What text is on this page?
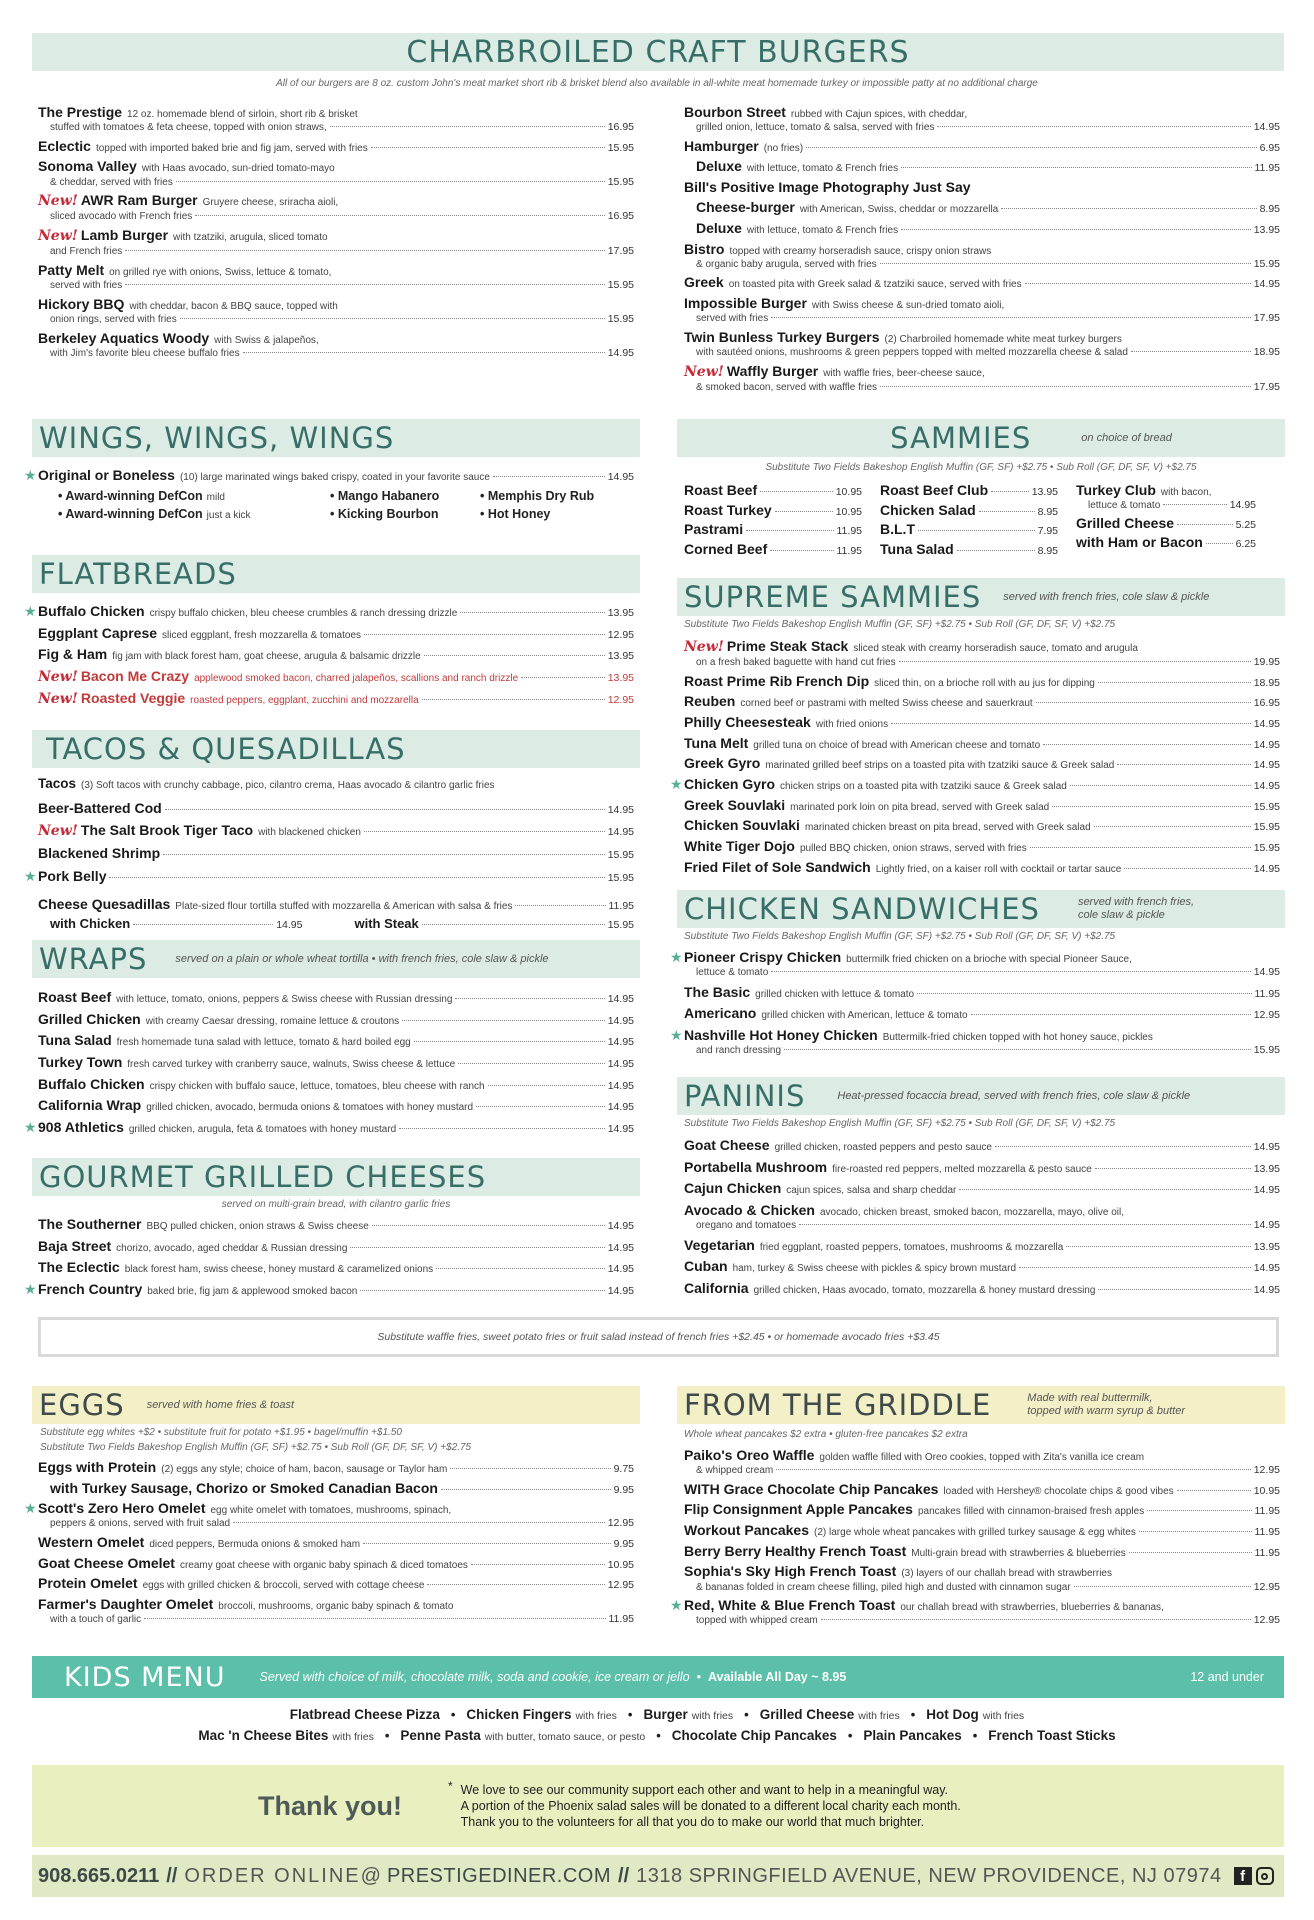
CHARBROILED CRAFT BURGERS
All of our burgers are 8 oz. custom John's meat market short rib & brisket blend also available in all-white meat homemade turkey or impossible patty at no additional charge
The Prestige 12 oz. homemade blend of sirloin, short rib & brisket
stuffed with tomatoes & feta cheese, topped with onion straws,	16.95
Eclectic topped with imported baked brie and fig jam, served with fries	15.95
Sonoma Valley with Haas avocado, sun-dried tomato-mayo
& cheddar, served with fries	15.95
New! AWR Ram Burger Gruyere cheese, sriracha aioli,
sliced avocado with French fries	16.95
New! Lamb Burger with tzatziki, arugula, sliced tomato
and French fries	17.95
Patty Melt on grilled rye with onions, Swiss, lettuce & tomato,
served with fries	15.95
Hickory BBQ with cheddar, bacon & BBQ sauce, topped with
onion rings, served with fries	15.95
Berkeley Aquatics Woody with Swiss & jalapeños,
with Jim's favorite bleu cheese buffalo fries	14.95
Bourbon Street rubbed with Cajun spices, with cheddar,
grilled onion, lettuce, tomato & salsa, served with fries	14.95
Hamburger (no fries)	6.95
Deluxe with lettuce, tomato & French fries	11.95
Bill's Positive Image Photography Just Say
Cheese-burger with American, Swiss, cheddar or mozzarella	8.95
Deluxe with lettuce, tomato & French fries	13.95
Bistro topped with creamy horseradish sauce, crispy onion straws
& organic baby arugula, served with fries	15.95
Greek on toasted pita with Greek salad & tzatziki sauce, served with fries	14.95
Impossible Burger with Swiss cheese & sun-dried tomato aioli,
served with fries	17.95
Twin Bunless Turkey Burgers (2) Charbroiled homemade white meat turkey burgers
with sautéed onions, mushrooms & green peppers topped with melted mozzarella cheese & salad	18.95
New! Waffly Burger with waffle fries, beer-cheese sauce,
& smoked bacon, served with waffle fries	17.95
WINGS, WINGS, WINGS
★ Original or Boneless (10) large marinated wings baked crispy, coated in your favorite sauce	14.95
• Award-winning DefCon mild	• Mango Habanero	• Memphis Dry Rub
• Award-winning DefCon just a kick	• Kicking Bourbon	• Hot Honey
FLATBREADS
★ Buffalo Chicken crispy buffalo chicken, bleu cheese crumbles & ranch dressing drizzle	13.95
Eggplant Caprese sliced eggplant, fresh mozzarella & tomatoes	12.95
Fig & Ham fig jam with black forest ham, goat cheese, arugula & balsamic drizzle	13.95
New! Bacon Me Crazy applewood smoked bacon, charred jalapeños, scallions and ranch drizzle	13.95
New! Roasted Veggie roasted peppers, eggplant, zucchini and mozzarella	12.95
TACOS & QUESADILLAS
Tacos (3) Soft tacos with crunchy cabbage, pico, cilantro crema, Haas avocado & cilantro garlic fries
Beer-Battered Cod	14.95
New! The Salt Brook Tiger Taco with blackened chicken	14.95
Blackened Shrimp	15.95
★ Pork Belly	15.95
Cheese Quesadillas Plate-sized flour tortilla stuffed with mozzarella & American with salsa & fries	11.95
with Chicken	14.95	with Steak	15.95
WRAPS	served on a plain or whole wheat tortilla • with french fries, cole slaw & pickle
Roast Beef with lettuce, tomato, onions, peppers & Swiss cheese with Russian dressing	14.95
Grilled Chicken with creamy Caesar dressing, romaine lettuce & croutons	14.95
Tuna Salad fresh homemade tuna salad with lettuce, tomato & hard boiled egg	14.95
Turkey Town fresh carved turkey with cranberry sauce, walnuts, Swiss cheese & lettuce	14.95
Buffalo Chicken crispy chicken with buffalo sauce, lettuce, tomatoes, bleu cheese with ranch	14.95
California Wrap grilled chicken, avocado, bermuda onions & tomatoes with honey mustard	14.95
★ 908 Athletics grilled chicken, arugula, feta & tomatoes with honey mustard	14.95
GOURMET GRILLED CHEESES
served on multi-grain bread, with cilantro garlic fries
The Southerner BBQ pulled chicken, onion straws & Swiss cheese	14.95
Baja Street chorizo, avocado, aged cheddar & Russian dressing	14.95
The Eclectic black forest ham, swiss cheese, honey mustard & caramelized onions	14.95
★ French Country baked brie, fig jam & applewood smoked bacon	14.95
SAMMIES	on choice of bread
Substitute Two Fields Bakeshop English Muffin (GF, SF) +$2.75 • Sub Roll (GF, DF, SF, V) +$2.75
Roast Beef	10.95
Roast Turkey	10.95
Pastrami	11.95
Corned Beef	11.95
Roast Beef Club	13.95
Chicken Salad	8.95
B.L.T	7.95
Tuna Salad	8.95
Turkey Club with bacon,
lettuce & tomato	14.95
Grilled Cheese	5.25
with Ham or Bacon	6.25
SUPREME SAMMIES served with french fries, cole slaw & pickle
Substitute Two Fields Bakeshop English Muffin (GF, SF) +$2.75 • Sub Roll (GF, DF, SF, V) +$2.75
New! Prime Steak Stack sliced steak with creamy horseradish sauce, tomato and arugula
on a fresh baked baguette with hand cut fries	19.95
Roast Prime Rib French Dip sliced thin, on a brioche roll with au jus for dipping	18.95
Reuben corned beef or pastrami with melted Swiss cheese and sauerkraut	16.95
Philly Cheesesteak with fried onions	14.95
Tuna Melt grilled tuna on choice of bread with American cheese and tomato	14.95
Greek Gyro marinated grilled beef strips on a toasted pita with tzatziki sauce & Greek salad	14.95
★ Chicken Gyro chicken strips on a toasted pita with tzatziki sauce & Greek salad	14.95
Greek Souvlaki marinated pork loin on pita bread, served with Greek salad	15.95
Chicken Souvlaki marinated chicken breast on pita bread, served with Greek salad	15.95
White Tiger Dojo pulled BBQ chicken, onion straws, served with fries	15.95
Fried Filet of Sole Sandwich Lightly fried, on a kaiser roll with cocktail or tartar sauce	14.95
CHICKEN SANDWICHES	served with french fries,
cole slaw & pickle
Substitute Two Fields Bakeshop English Muffin (GF, SF) +$2.75 • Sub Roll (GF, DF, SF, V) +$2.75
★ Pioneer Crispy Chicken buttermilk fried chicken on a brioche with special Pioneer Sauce,
lettuce & tomato	14.95
The Basic grilled chicken with lettuce & tomato	11.95
Americano grilled chicken with American, lettuce & tomato	12.95
★ Nashville Hot Honey Chicken Buttermilk-fried chicken topped with hot honey sauce, pickles
and ranch dressing	15.95
PANINIS	Heat-pressed focaccia bread, served with french fries, cole slaw & pickle
Substitute Two Fields Bakeshop English Muffin (GF, SF) +$2.75 • Sub Roll (GF, DF, SF, V) +$2.75
Goat Cheese grilled chicken, roasted peppers and pesto sauce	14.95
Portabella Mushroom fire-roasted red peppers, melted mozzarella & pesto sauce	13.95
Cajun Chicken cajun spices, salsa and sharp cheddar	14.95
Avocado & Chicken avocado, chicken breast, smoked bacon, mozzarella, mayo, olive oil,
oregano and tomatoes	14.95
Vegetarian fried eggplant, roasted peppers, tomatoes, mushrooms & mozzarella	13.95
Cuban ham, turkey & Swiss cheese with pickles & spicy brown mustard	14.95
California grilled chicken, Haas avocado, tomato, mozzarella & honey mustard dressing	14.95
Substitute waffle fries, sweet potato fries or fruit salad instead of french fries +$2.45 • or homemade avocado fries +$3.45
EGGS served with home fries & toast
Substitute egg whites +$2 • substitute fruit for potato +$1.95 • bagel/muffin +$1.50
Substitute Two Fields Bakeshop English Muffin (GF, SF) +$2.75 • Sub Roll (GF, DF, SF, V) +$2.75
Eggs with Protein (2) eggs any style; choice of ham, bacon, sausage or Taylor ham	9.75
with Turkey Sausage, Chorizo or Smoked Canadian Bacon	9.95
★ Scott's Zero Hero Omelet egg white omelet with tomatoes, mushrooms, spinach,
peppers & onions, served with fruit salad	12.95
Western Omelet diced peppers, Bermuda onions & smoked ham	9.95
Goat Cheese Omelet creamy goat cheese with organic baby spinach & diced tomatoes	10.95
Protein Omelet eggs with grilled chicken & broccoli, served with cottage cheese	12.95
Farmer's Daughter Omelet broccoli, mushrooms, organic baby spinach & tomato
with a touch of garlic	11.95
FROM THE GRIDDLE	Made with real buttermilk,
topped with warm syrup & butter
Whole wheat pancakes $2 extra • gluten-free pancakes $2 extra
Paiko's Oreo Waffle golden waffle filled with Oreo cookies, topped with Zita's vanilla ice cream
& whipped cream	12.95
WITH Grace Chocolate Chip Pancakes loaded with Hershey® chocolate chips & good vibes	10.95
Flip Consignment Apple Pancakes pancakes filled with cinnamon-braised fresh apples	11.95
Workout Pancakes (2) large whole wheat pancakes with grilled turkey sausage & egg whites	11.95
Berry Berry Healthy French Toast Multi-grain bread with strawberries & blueberries	11.95
Sophia's Sky High French Toast (3) layers of our challah bread with strawberries
& bananas folded in cream cheese filling, piled high and dusted with cinnamon sugar	12.95
★ Red, White & Blue French Toast our challah bread with strawberries, blueberries & bananas,
topped with whipped cream	12.95
KIDS MENU	Served with choice of milk, chocolate milk, soda and cookie, ice cream or jello • Available All Day ~ 8.95	12 and under
Flatbread Cheese Pizza • Chicken Fingers with fries • Burger with fries • Grilled Cheese with fries • Hot Dog with fries
Mac 'n Cheese Bites with fries • Penne Pasta with butter, tomato sauce, or pesto • Chocolate Chip Pancakes • Plain Pancakes • French Toast Sticks
Thank you!
* We love to see our community support each other and want to help in a meaningful way.
A portion of the Phoenix salad sales will be donated to a different local charity each month.
Thank you to the volunteers for all that you do to make our world that much brighter.
908.665.0211 // ORDER ONLINE@ PRESTIGEDINER.COM // 1318 SPRINGFIELD AVENUE, NEW PROVIDENCE, NJ 07974	f
